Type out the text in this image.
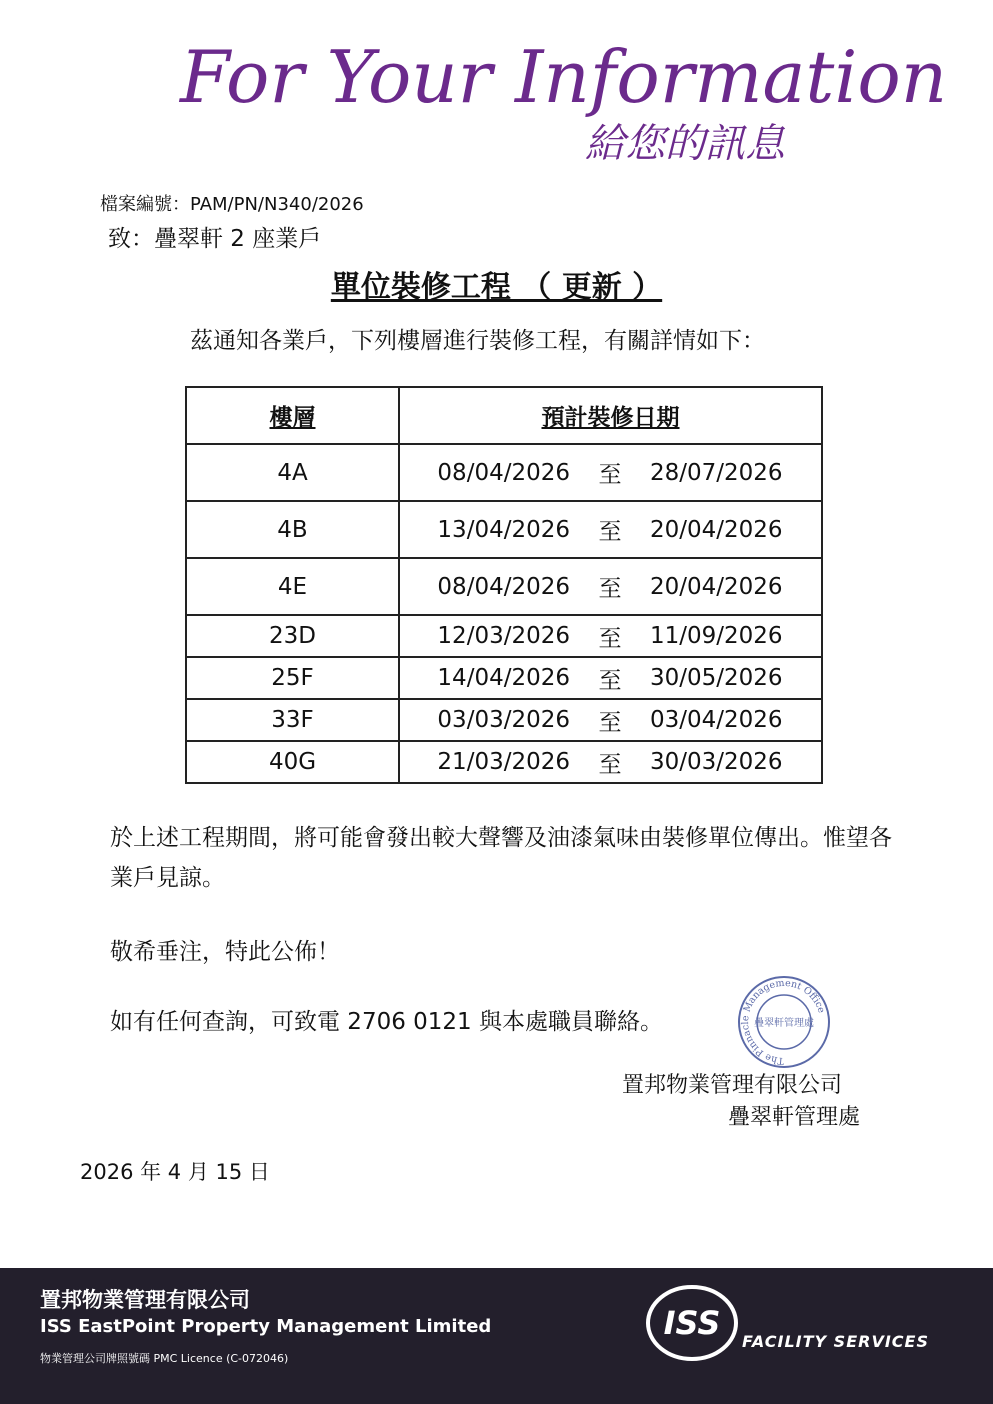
For Your Information
給您的訊息
檔案編號：PAM/PN/N340/2026
致：疊翠軒 2 座業戶
單位裝修工程 （ 更新 ）
茲通知各業戶，下列樓層進行裝修工程，有關詳情如下：
樓層	預計裝修日期
4A	08/04/2026 至 28/07/2026

4B	13/04/2026 至 20/04/2026

4E	08/04/2026 至 20/04/2026

23D	12/03/2026 至 11/09/2026

25F	14/04/2026 至 30/05/2026

33F	03/03/2026 至 03/04/2026

40G	21/03/2026 至 30/03/2026
於上述工程期間，將可能會發出較大聲響及油漆氣味由裝修單位傳出。惟望各業戶見諒。
敬希垂注，特此公佈！
如有任何查詢，可致電 2706 0121 與本處職員聯絡。
The Pinnacle Management Office
疊翠軒管理處
置邦物業管理有限公司
疊翠軒管理處
2026 年 4 月 15 日
置邦物業管理有限公司
ISS EastPoint Property Management Limited
物業管理公司牌照號碼 PMC Licence (C-072046)
ISS FACILITY SERVICES
